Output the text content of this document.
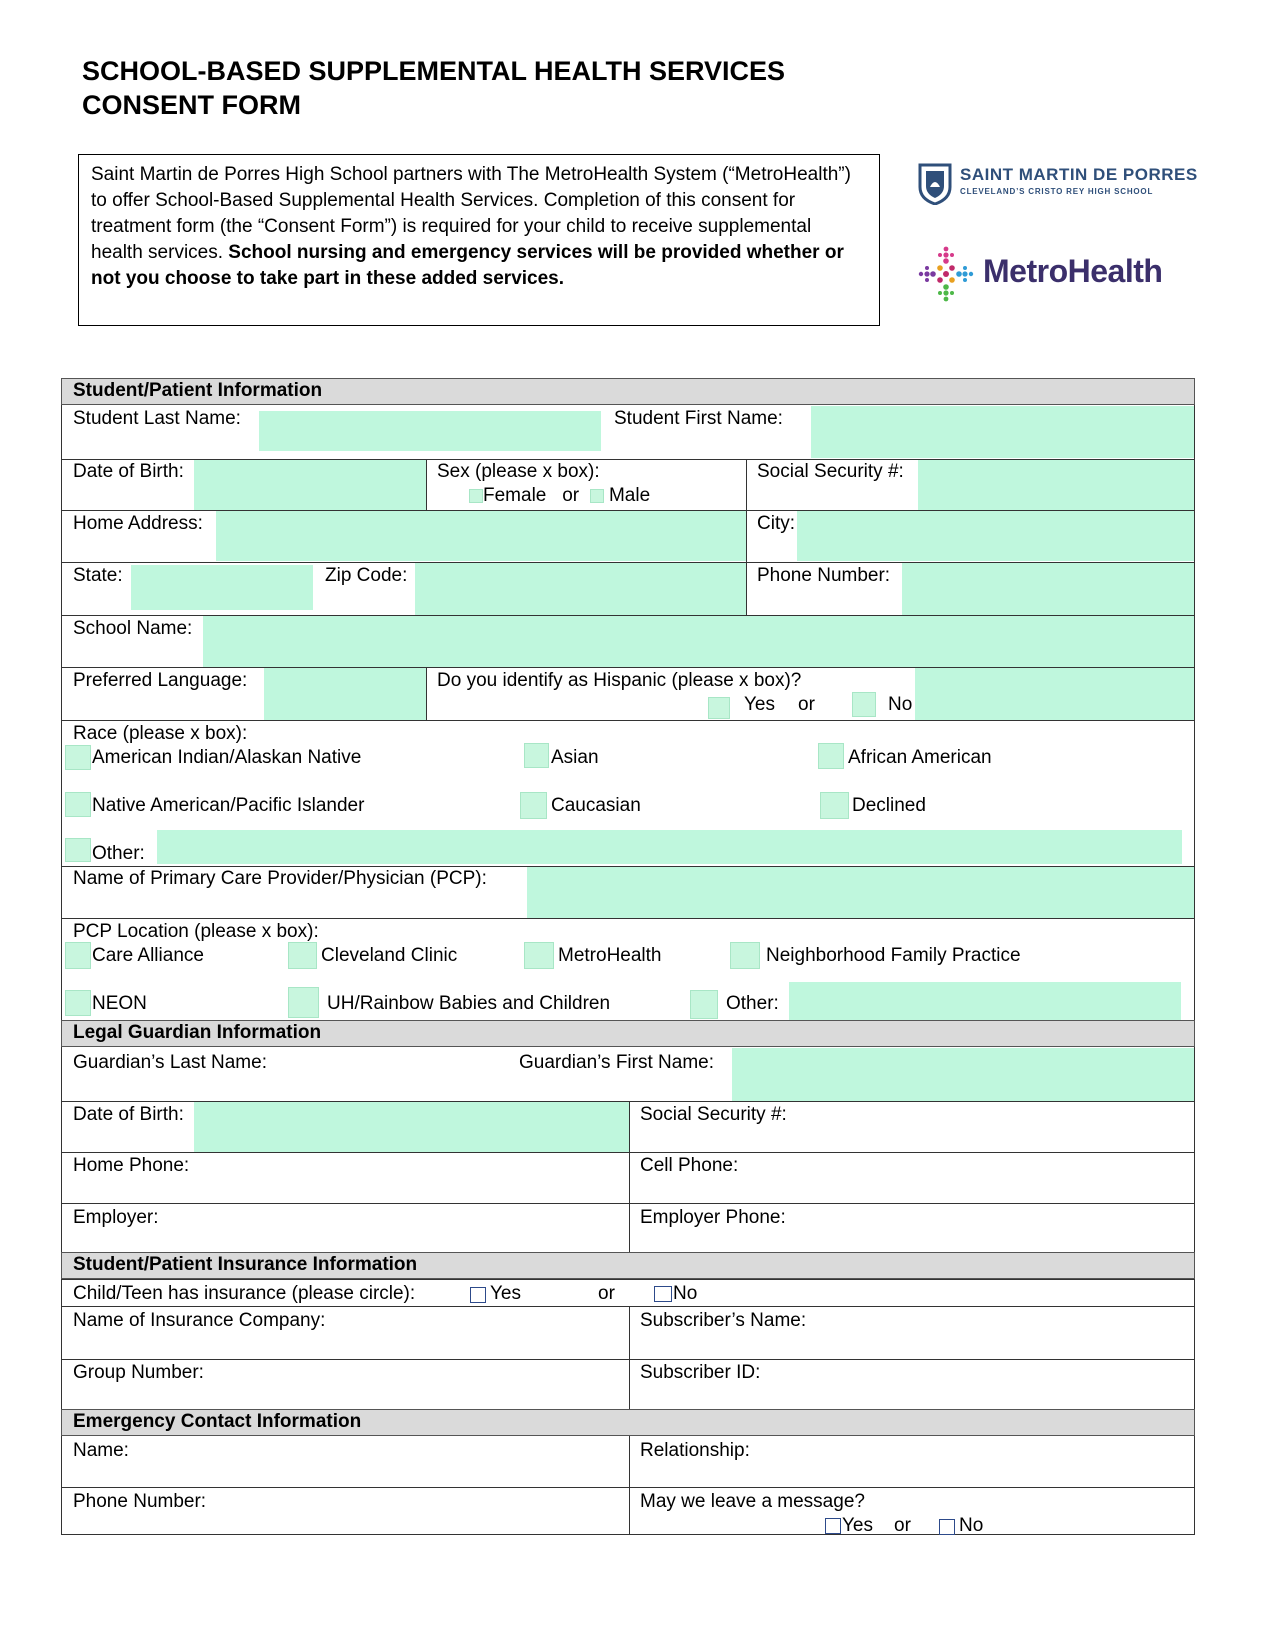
SCHOOL-BASED SUPPLEMENTAL HEALTH SERVICES
CONSENT FORM
Saint Martin de Porres High School partners with The MetroHealth System (“MetroHealth”) to offer School-Based Supplemental Health Services. Completion of this consent for treatment form (the “Consent Form”) is required for your child to receive supplemental health services. School nursing and emergency services will be provided whether or not you choose to take part in these added services.
SAINT MARTIN DE PORRES
CLEVELAND’S CRISTO REY HIGH SCHOOL
MetroHealth
Student/Patient Information
Legal Guardian Information
Student/Patient Insurance Information
Emergency Contact Information
Student Last Name:	Student First Name:
Date of Birth:	Sex (please x box):
Female or Male
Social Security #:
Home Address:	City:
State:	Zip Code:	Phone Number:
School Name:
Preferred Language:	Do you identify as Hispanic (please x box)?
Yes or	No
Race (please x box):
American Indian/Alaskan Native	Asian	African American
Native American/Pacific Islander	Caucasian	Declined
Other:
Name of Primary Care Provider/Physician (PCP):
PCP Location (please x box):
Care Alliance	Cleveland Clinic	MetroHealth	Neighborhood Family Practice
NEON	UH/Rainbow Babies and Children	Other:
Guardian’s Last Name:	Guardian’s First Name:
Date of Birth:	Social Security #:
Home Phone:	Cell Phone:
Employer:	Employer Phone:
Child/Teen has insurance (please circle):	Yes	or	No
Name of Insurance Company:	Subscriber’s Name:
Group Number:	Subscriber ID:
Name:	Relationship:
Phone Number:	May we leave a message?
Yes or	No
